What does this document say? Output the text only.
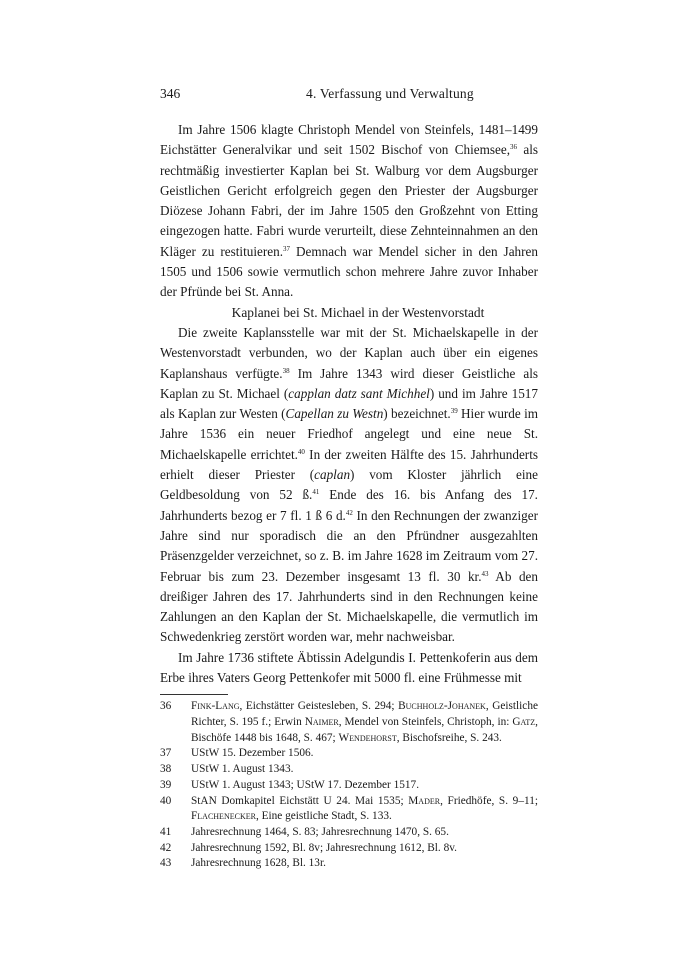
346	4. Verfassung und Verwaltung

Im Jahre 1506 klagte Christoph Mendel von Steinfels, 1481–1499 Eichstätter Generalvikar und seit 1502 Bischof von Chiemsee,$^{36}$ als rechtmäßig investierter Kaplan bei St. Walburg vor dem Augsburger Geistlichen Gericht erfolgreich gegen den Priester der Augsburger Diözese Johann Fabri, der im Jahre 1505 den Großzehnt von Etting eingezogen hatte. Fabri wurde verurteilt, diese Zehnteinnahmen an den Kläger zu restituieren.$^{37}$ Demnach war Mendel sicher in den Jahren 1505 und 1506 sowie vermutlich schon mehrere Jahre zuvor Inhaber der Pfründe bei St. Anna.

Kaplanei bei St. Michael in der Westenvorstadt

Die zweite Kaplansstelle war mit der St. Michaelskapelle in der Westenvorstadt verbunden, wo der Kaplan auch über ein eigenes Kaplanshaus verfügte.$^{38}$ Im Jahre 1343 wird dieser Geistliche als Kaplan zu St. Michael (capplan datz sant Michhel) und im Jahre 1517 als Kaplan zur Westen (Capellan zu Westn) bezeichnet.$^{39}$ Hier wurde im Jahre 1536 ein neuer Friedhof angelegt und eine neue St. Michaelskapelle errichtet.$^{40}$ In der zweiten Hälfte des 15. Jahrhunderts erhielt dieser Priester (caplan) vom Kloster jährlich eine Geldbesoldung von 52 ß.$^{41}$ Ende des 16. bis Anfang des 17. Jahrhunderts bezog er 7 fl. 1 ß 6 d.$^{42}$ In den Rechnungen der zwanziger Jahre sind nur sporadisch die an den Pfründner ausgezahlten Präsenzgelder verzeichnet, so z. B. im Jahre 1628 im Zeitraum vom 27. Februar bis zum 23. Dezember insgesamt 13 fl. 30 kr.$^{43}$ Ab den dreißiger Jahren des 17. Jahrhunderts sind in den Rechnungen keine Zahlungen an den Kaplan der St. Michaelskapelle, die vermutlich im Schwedenkrieg zerstört worden war, mehr nachweisbar.

Im Jahre 1736 stiftete Äbtissin Adelgundis I. Pettenkoferin aus dem Erbe ihres Vaters Georg Pettenkofer mit 5000 fl. eine Frühmesse mit

36 Fink-Lang, Eichstätter Geistesleben, S. 294; Buchholz-Johanek, Geistliche Richter, S. 195 f.; Erwin Naimer, Mendel von Steinfels, Christoph, in: Gatz, Bischöfe 1448 bis 1648, S. 467; Wendehorst, Bischofsreihe, S. 243.
37 UStW 15. Dezember 1506.
38 UStW 1. August 1343.
39 UStW 1. August 1343; UStW 17. Dezember 1517.
40 StAN Domkapitel Eichstätt U 24. Mai 1535; Mader, Friedhöfe, S. 9–11; Flachenecker, Eine geistliche Stadt, S. 133.
41 Jahresrechnung 1464, S. 83; Jahresrechnung 1470, S. 65.
42 Jahresrechnung 1592, Bl. 8v; Jahresrechnung 1612, Bl. 8v.
43 Jahresrechnung 1628, Bl. 13r.
